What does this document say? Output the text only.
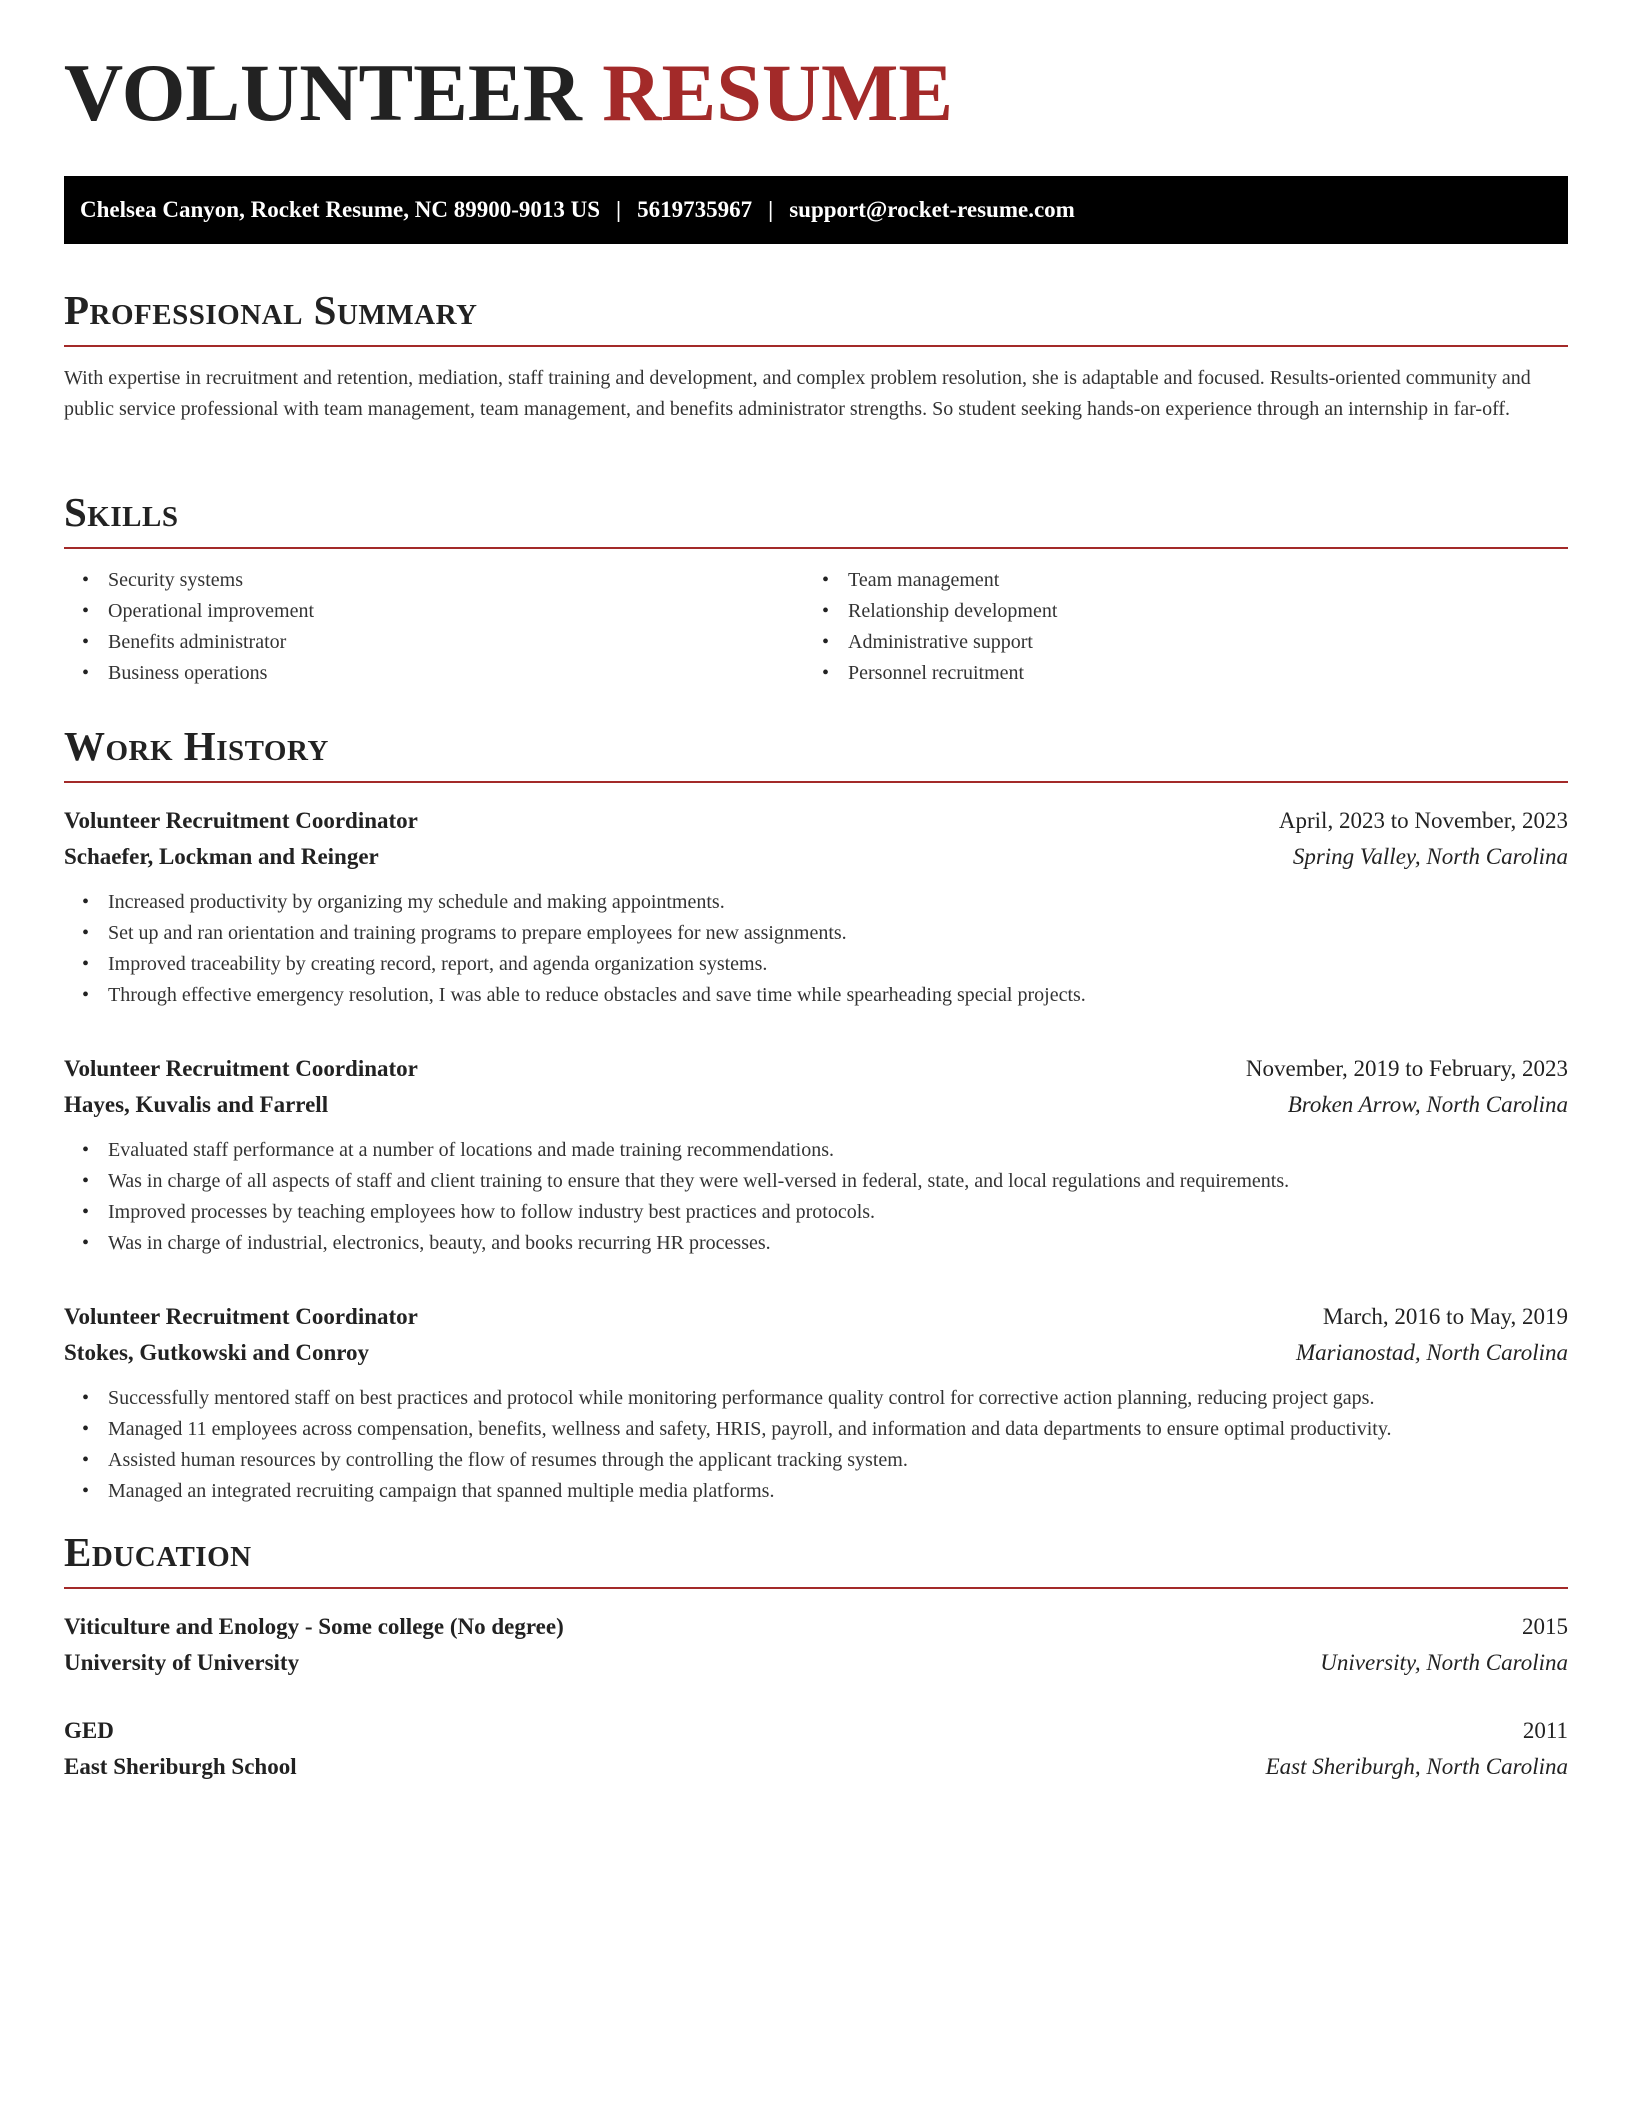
VOLUNTEER RESUME
Chelsea Canyon, Rocket Resume, NC 89900-9013 US | 5619735967 | support@rocket-resume.com
Professional Summary

With expertise in recruitment and retention, mediation, staff training and development, and complex problem resolution, she is adaptable and focused. Results-oriented community and public service professional with team management, team management, and benefits administrator strengths. So student seeking hands-on experience through an internship in far-off.

Skills
• Security systems
• Operational improvement
• Benefits administrator
• Business operations
• Team management
• Relationship development
• Administrative support
• Personnel recruitment
Work History
Volunteer Recruitment Coordinator	April, 2023 to November, 2023
Schaefer, Lockman and Reinger	Spring Valley, North Carolina
• Increased productivity by organizing my schedule and making appointments.
• Set up and ran orientation and training programs to prepare employees for new assignments.
• Improved traceability by creating record, report, and agenda organization systems.
• Through effective emergency resolution, I was able to reduce obstacles and save time while spearheading special projects.
Volunteer Recruitment Coordinator	November, 2019 to February, 2023
Hayes, Kuvalis and Farrell	Broken Arrow, North Carolina
• Evaluated staff performance at a number of locations and made training recommendations.
• Was in charge of all aspects of staff and client training to ensure that they were well-versed in federal, state, and local regulations and requirements.
• Improved processes by teaching employees how to follow industry best practices and protocols.
• Was in charge of industrial, electronics, beauty, and books recurring HR processes.
Volunteer Recruitment Coordinator	March, 2016 to May, 2019
Stokes, Gutkowski and Conroy	Marianostad, North Carolina
• Successfully mentored staff on best practices and protocol while monitoring performance quality control for corrective action planning, reducing project gaps.
• Managed 11 employees across compensation, benefits, wellness and safety, HRIS, payroll, and information and data departments to ensure optimal productivity.
• Assisted human resources by controlling the flow of resumes through the applicant tracking system.
• Managed an integrated recruiting campaign that spanned multiple media platforms.
Education
Viticulture and Enology - Some college (No degree)	2015
University of University	University, North Carolina
GED	2011
East Sheriburgh School	East Sheriburgh, North Carolina
